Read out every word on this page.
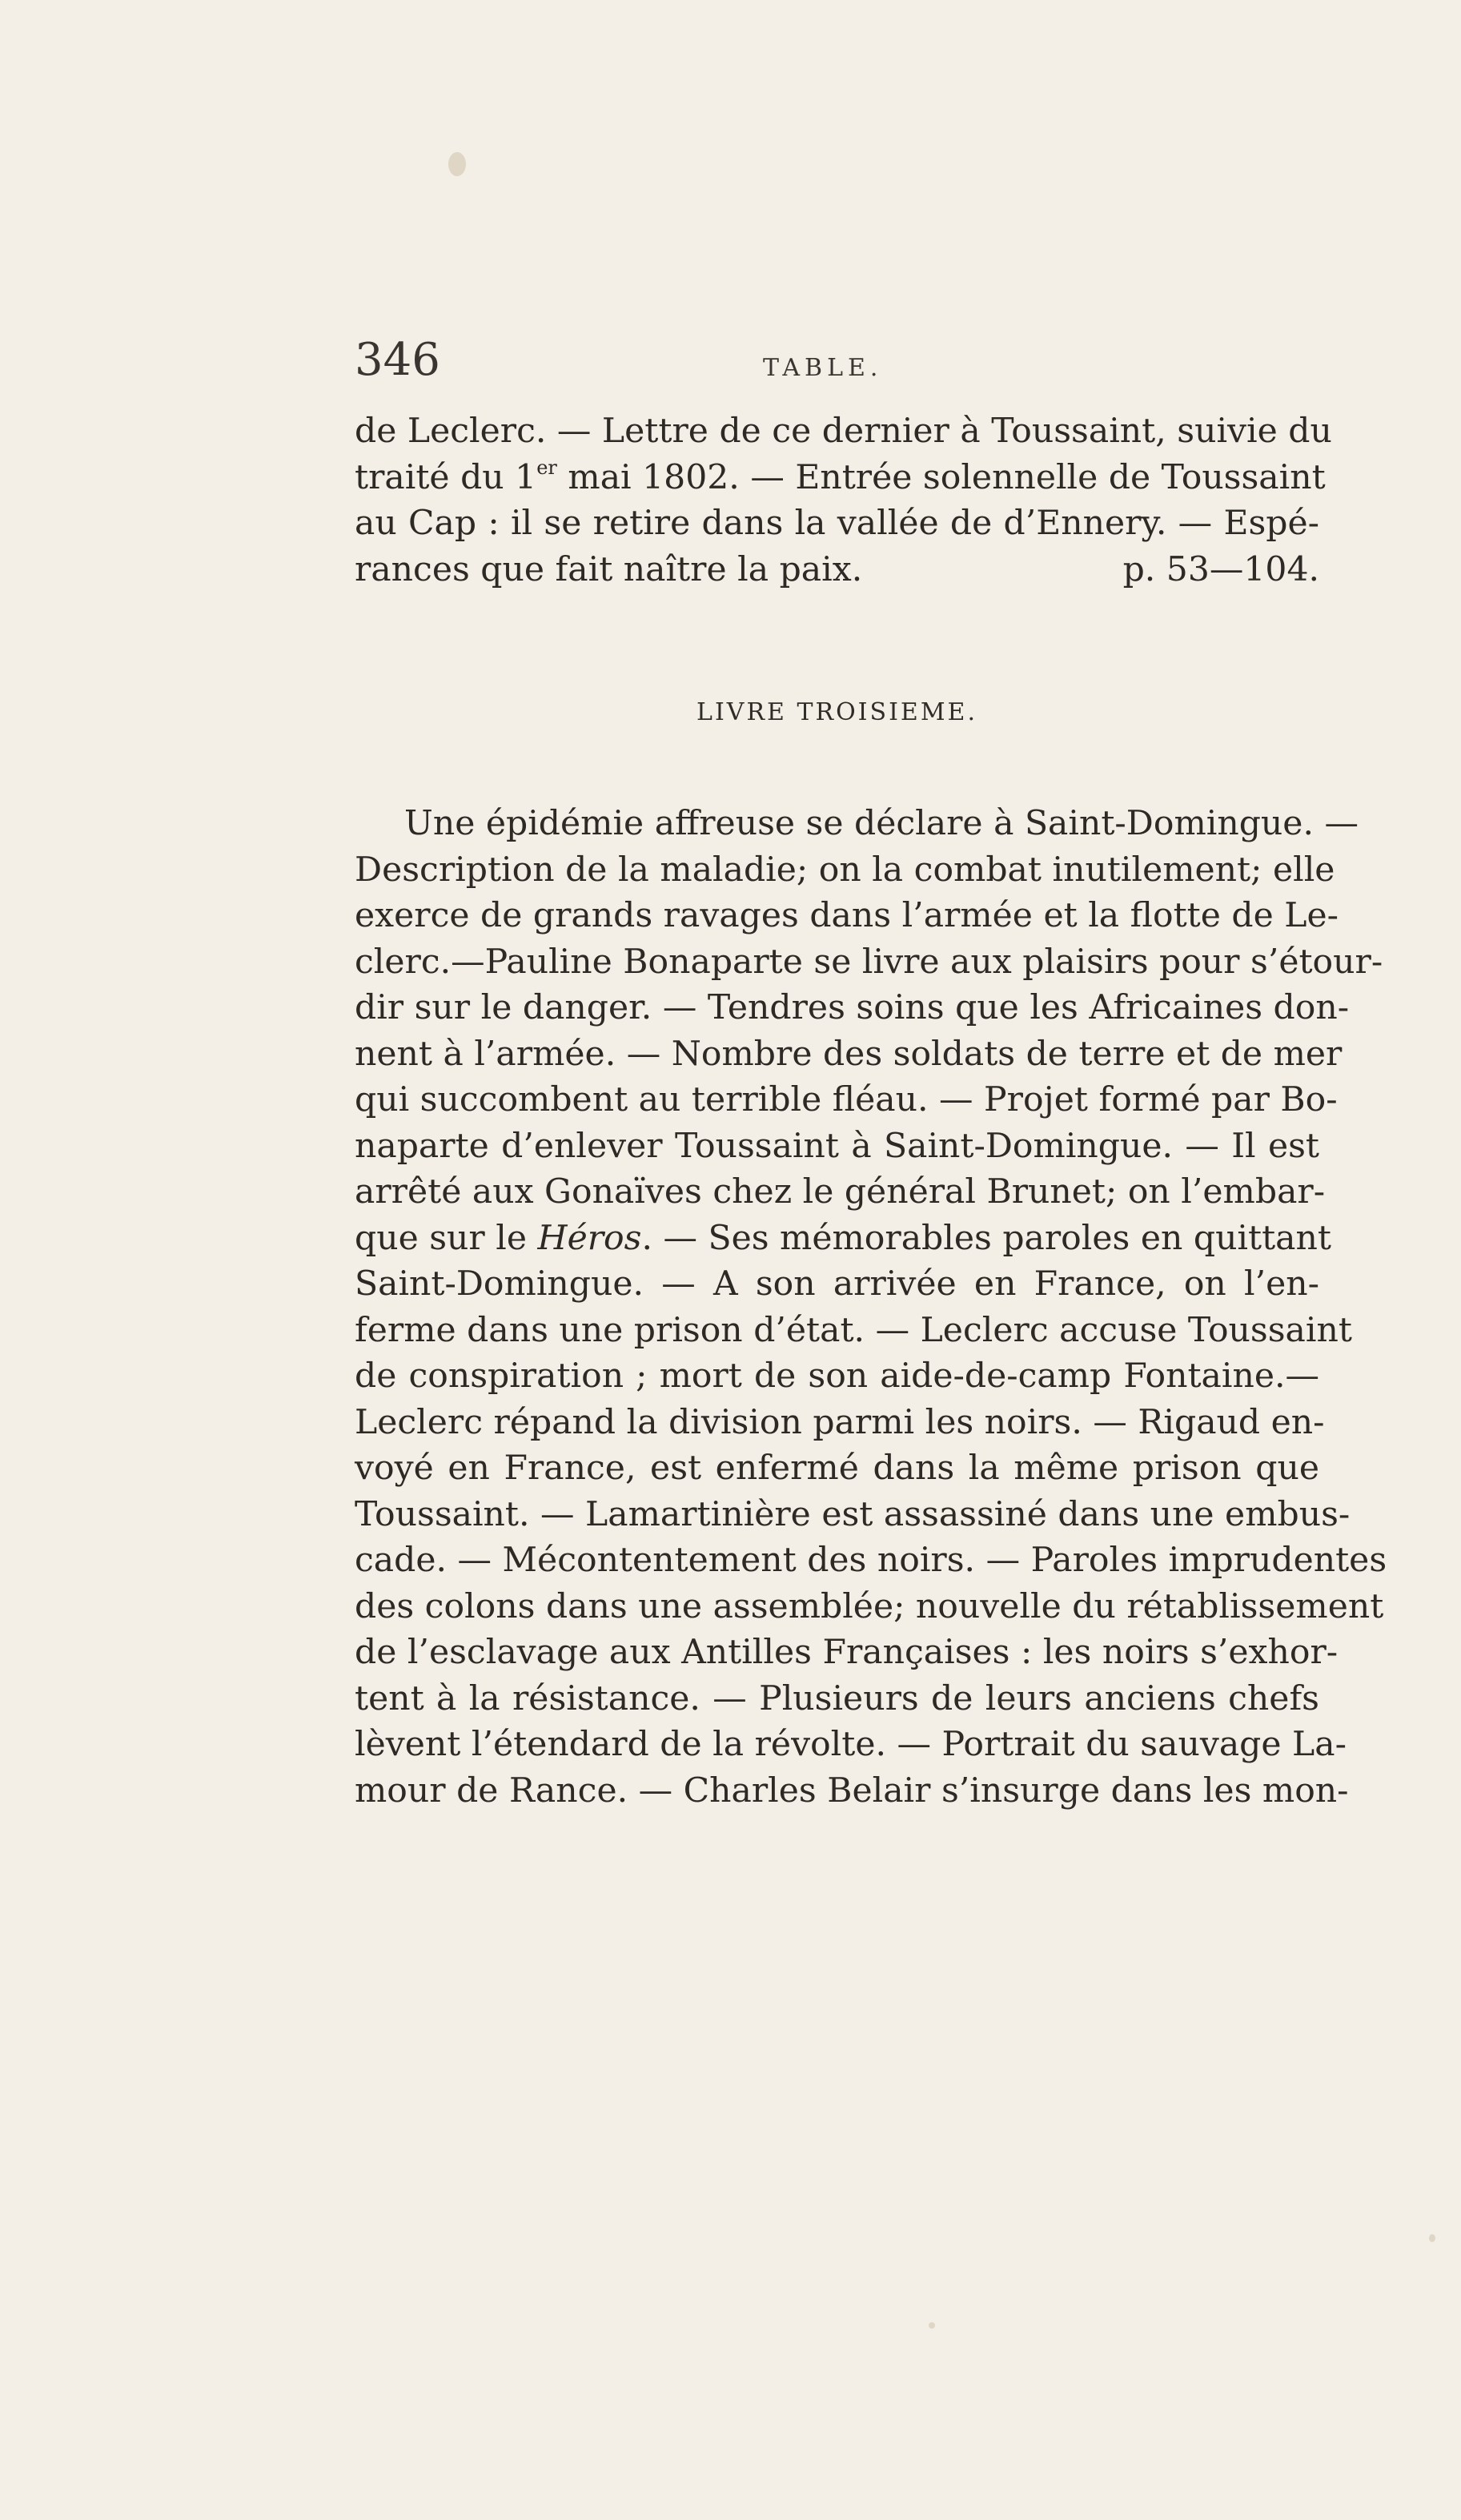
346	TABLE.
de Leclerc. — Lettre de ce dernier à Toussaint, suivie du
traité du 1er mai 1802. — Entrée solennelle de Toussaint
au Cap : il se retire dans la vallée de d’Ennery. — Espé-
rances que fait naître la paix.	p. 53—104.
LIVRE TROISIEME.
Une épidémie affreuse se déclare à Saint-Domingue. —
Description de la maladie; on la combat inutilement; elle
exerce de grands ravages dans l’armée et la flotte de Le-
clerc.—Pauline Bonaparte se livre aux plaisirs pour s’étour-
dir sur le danger. — Tendres soins que les Africaines don-
nent à l’armée. — Nombre des soldats de terre et de mer
qui succombent au terrible fléau. — Projet formé par Bo-
naparte d’enlever Toussaint à Saint-Domingue. — Il est
arrêté aux Gonaïves chez le général Brunet; on l’embar-
que sur le Héros. — Ses mémorables paroles en quittant
Saint-Domingue. — A son arrivée en France, on l’en-
ferme dans une prison d’état. — Leclerc accuse Toussaint
de conspiration ; mort de son aide-de-camp Fontaine.—
Leclerc répand la division parmi les noirs. — Rigaud en-
voyé en France, est enfermé dans la même prison que
Toussaint. — Lamartinière est assassiné dans une embus-
cade. — Mécontentement des noirs. — Paroles imprudentes
des colons dans une assemblée; nouvelle du rétablissement
de l’esclavage aux Antilles Françaises : les noirs s’exhor-
tent à la résistance. — Plusieurs de leurs anciens chefs
lèvent l’étendard de la révolte. — Portrait du sauvage La-
mour de Rance. — Charles Belair s’insurge dans les mon-
